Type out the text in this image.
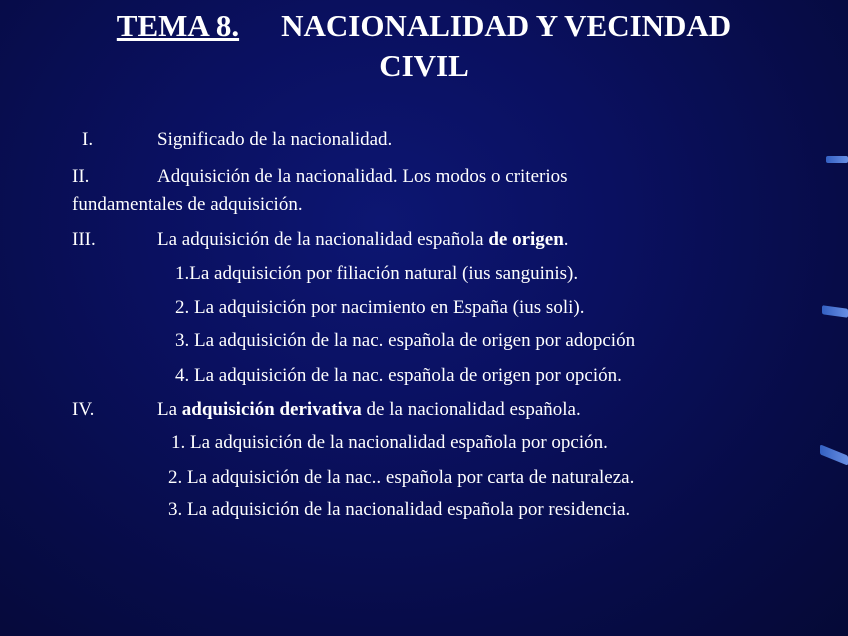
TEMA 8. NACIONALIDAD Y VECINDAD
CIVIL
I.	Significado de la nacionalidad.
II.	Adquisición de la nacionalidad. Los modos o criterios
fundamentales de adquisición.
III.	La adquisición de la nacionalidad española de origen.
1.La adquisición por filiación natural (ius sanguinis).
2. La adquisición por nacimiento en España (ius soli).
3. La adquisición de la nac. española de origen por adopción
4. La adquisición de la nac. española de origen por opción.
IV.	La adquisición derivativa de la nacionalidad española.
1. La adquisición de la nacionalidad española por opción.
2. La adquisición de la nac.. española por carta de naturaleza.
3. La adquisición de la nacionalidad española por residencia.
